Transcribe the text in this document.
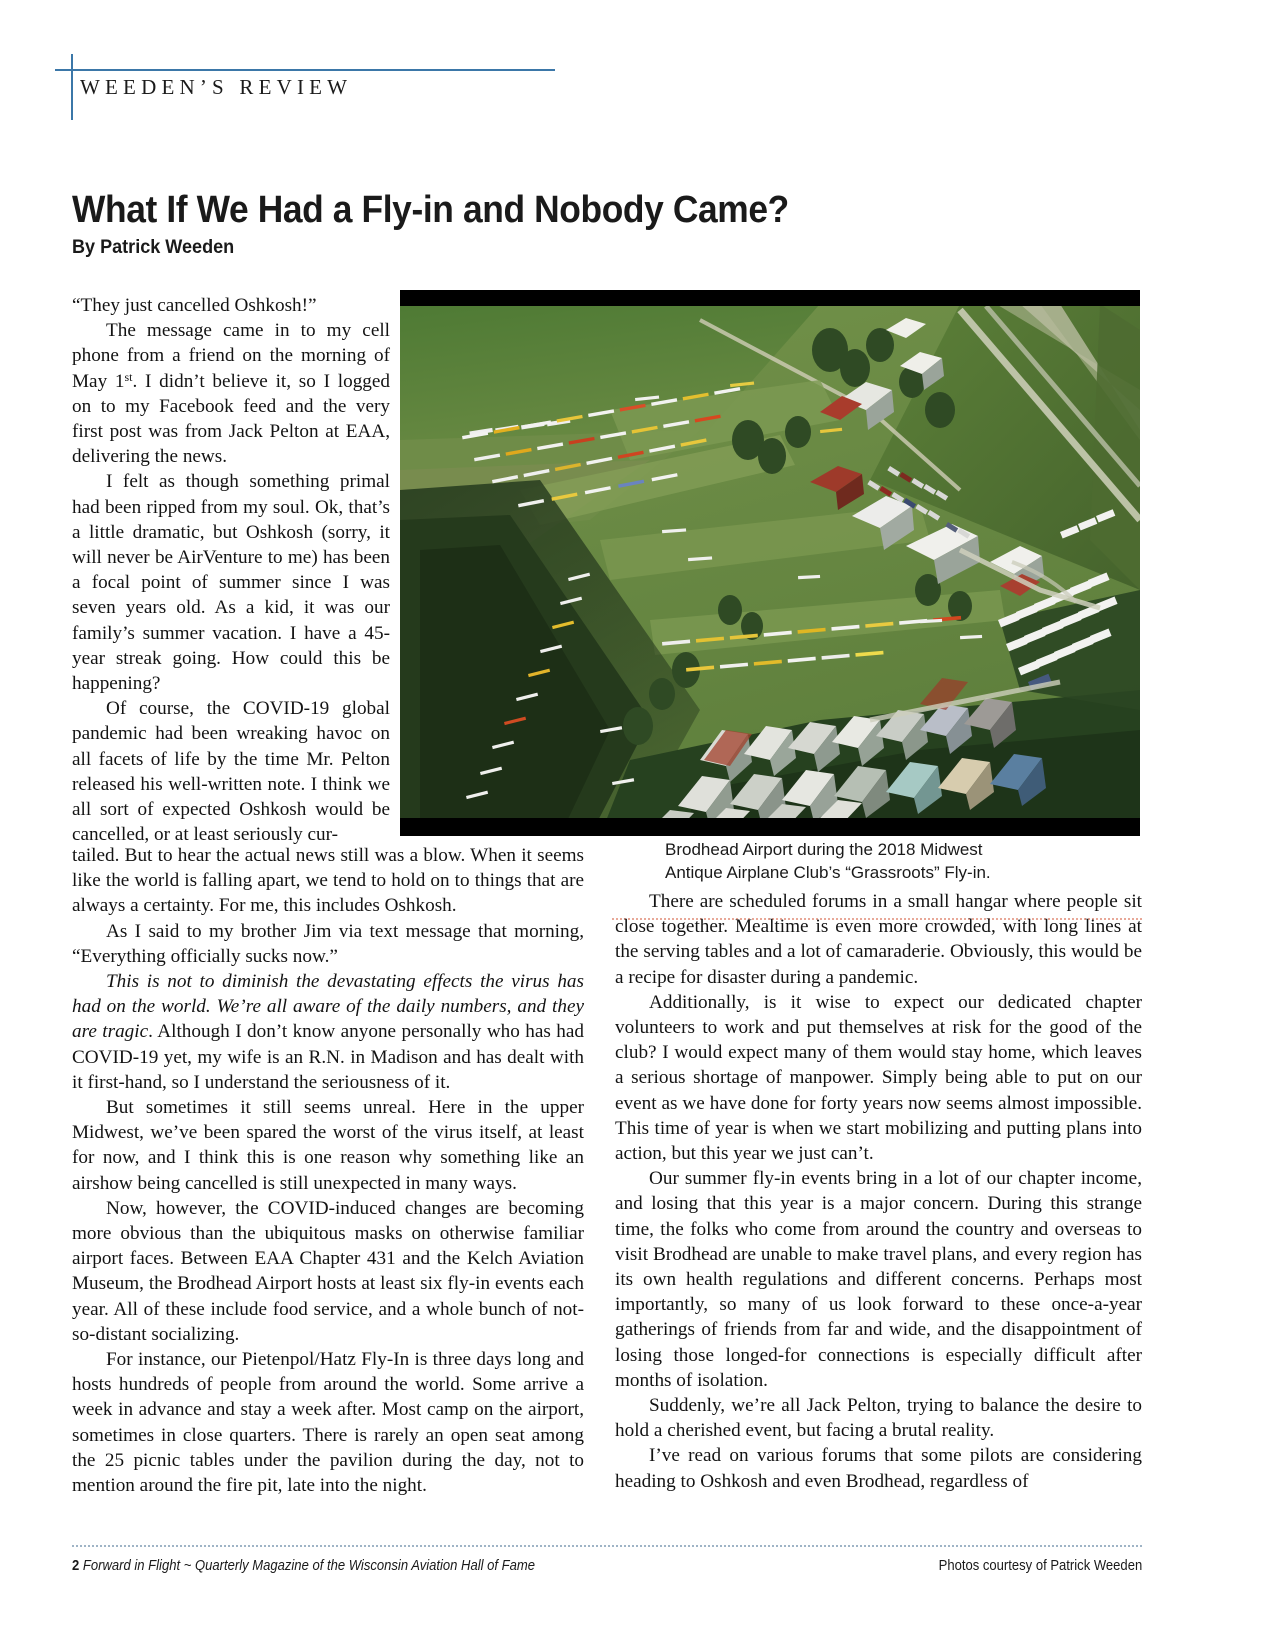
WEEDEN’S REVIEW
What If We Had a Fly-in and Nobody Came?
By Patrick Weeden
Brodhead Airport during the 2018 Midwest
Antique Airplane Club’s “Grassroots” Fly-in.

“They just cancelled Oshkosh!”

The message came in to my cell phone from a friend on the morning of May 1st. I didn’t believe it, so I logged on to my Facebook feed and the very first post was from Jack Pelton at EAA, delivering the news.

I felt as though something primal had been ripped from my soul. Ok, that’s a little dramatic, but Oshkosh (sorry, it will never be AirVenture to me) has been a focal point of summer since I was seven years old. As a kid, it was our family’s summer vacation. I have a 45-year streak going. How could this be happening?

Of course, the COVID-19 global pandemic had been wreaking havoc on all facets of life by the time Mr. Pelton released his well-written note. I think we all sort of expected Oshkosh would be cancelled, or at least seriously cur-

tailed. But to hear the actual news still was a blow. When it seems like the world is falling apart, we tend to hold on to things that are always a certainty. For me, this includes Oshkosh.

As I said to my brother Jim via text message that morning, “Everything officially sucks now.”

This is not to diminish the devastating effects the virus has had on the world. We’re all aware of the daily numbers, and they are tragic. Although I don’t know anyone personally who has had COVID-19 yet, my wife is an R.N. in Madison and has dealt with it first-hand, so I understand the seriousness of it.

But sometimes it still seems unreal. Here in the upper Midwest, we’ve been spared the worst of the virus itself, at least for now, and I think this is one reason why something like an airshow being cancelled is still unexpected in many ways.

Now, however, the COVID-induced changes are becoming more obvious than the ubiquitous masks on otherwise familiar airport faces. Between EAA Chapter 431 and the Kelch Aviation Museum, the Brodhead Airport hosts at least six fly-in events each year. All of these include food service, and a whole bunch of not-so-distant socializing.

For instance, our Pietenpol/Hatz Fly-In is three days long and hosts hundreds of people from around the world. Some arrive a week in advance and stay a week after. Most camp on the airport, sometimes in close quarters. There is rarely an open seat among the 25 picnic tables under the pavilion during the day, not to mention around the fire pit, late into the night.

There are scheduled forums in a small hangar where people sit close together. Mealtime is even more crowded, with long lines at the serving tables and a lot of camaraderie. Obviously, this would be a recipe for disaster during a pandemic.

Additionally, is it wise to expect our dedicated chapter volunteers to work and put themselves at risk for the good of the club? I would expect many of them would stay home, which leaves a serious shortage of manpower. Simply being able to put on our event as we have done for forty years now seems almost impossible. This time of year is when we start mobilizing and putting plans into action, but this year we just can’t.

Our summer fly-in events bring in a lot of our chapter income, and losing that this year is a major concern. During this strange time, the folks who come from around the country and overseas to visit Brodhead are unable to make travel plans, and every region has its own health regulations and different concerns. Perhaps most importantly, so many of us look forward to these once-a-year gatherings of friends from far and wide, and the disappointment of losing those longed-for connections is especially difficult after months of isolation.

Suddenly, we’re all Jack Pelton, trying to balance the desire to hold a cherished event, but facing a brutal reality.

I’ve read on various forums that some pilots are considering heading to Oshkosh and even Brodhead, regardless of

2 Forward in Flight ~ Quarterly Magazine of the Wisconsin Aviation Hall of Fame	Photos courtesy of Patrick Weeden
